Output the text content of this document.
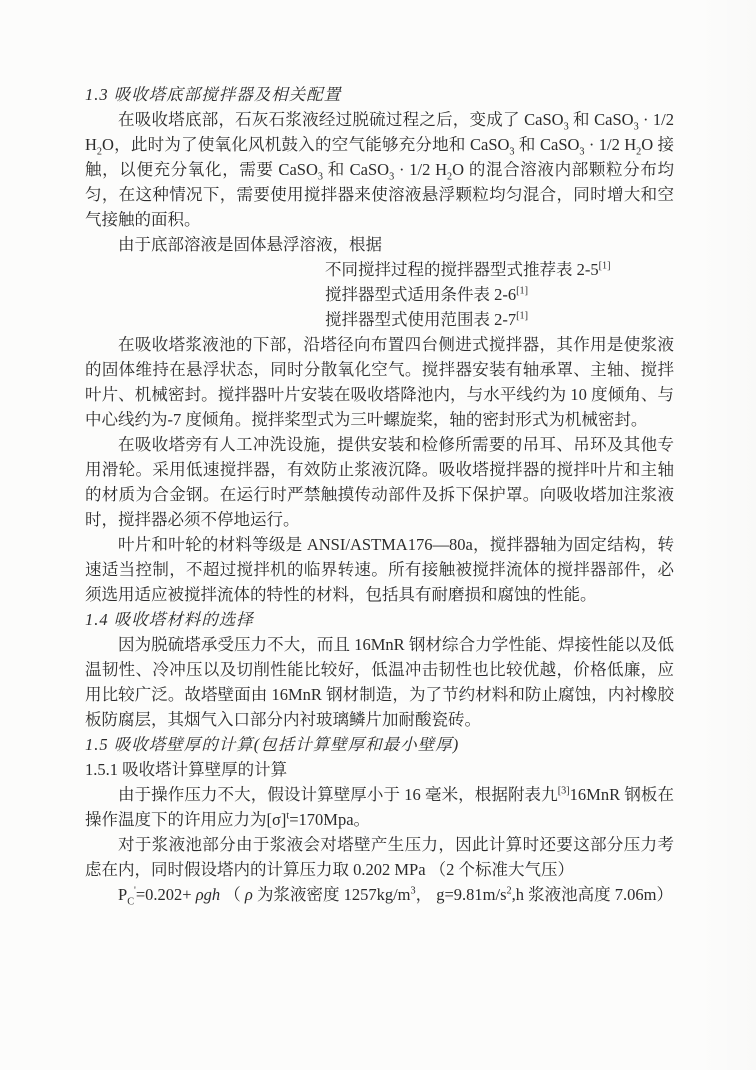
1.3 吸收塔底部搅拌器及相关配置

在吸收塔底部，石灰石浆液经过脱硫过程之后，变成了 CaSO$_3$ 和 CaSO$_3$ · 1/2 $H_2O$，此时为了使氧化风机鼓入的空气能够充分地和 CaSO$_3$ 和 CaSO$_3$ · 1/2 $H_2O$ 接触，以便充分氧化，需要 CaSO$_3$ 和 CaSO$_3$ · 1/2 $H_2O$ 的混合溶液内部颗粒分布均匀，在这种情况下，需要使用搅拌器来使溶液悬浮颗粒均匀混合，同时增大和空气接触的面积。

由于底部溶液是固体悬浮溶液，根据

不同搅拌过程的搅拌器型式推荐表 2-5[1]

搅拌器型式适用条件表 2-6[1]

搅拌器型式使用范围表 2-7[1]

在吸收塔浆液池的下部，沿塔径向布置四台侧进式搅拌器，其作用是使浆液的固体维持在悬浮状态，同时分散氧化空气。搅拌器安装有轴承罩、主轴、搅拌叶片、机械密封。搅拌器叶片安装在吸收塔降池内，与水平线约为 10 度倾角、与中心线约为-7 度倾角。搅拌桨型式为三叶螺旋桨，轴的密封形式为机械密封。

在吸收塔旁有人工冲洗设施，提供安装和检修所需要的吊耳、吊环及其他专用滑轮。采用低速搅拌器，有效防止浆液沉降。吸收塔搅拌器的搅拌叶片和主轴的材质为合金钢。在运行时严禁触摸传动部件及拆下保护罩。向吸收塔加注浆液时，搅拌器必须不停地运行。

叶片和叶轮的材料等级是 ANSI/ASTMA176—80a，搅拌器轴为固定结构，转速适当控制，不超过搅拌机的临界转速。所有接触被搅拌流体的搅拌器部件，必须选用适应被搅拌流体的特性的材料，包括具有耐磨损和腐蚀的性能。

1.4 吸收塔材料的选择

因为脱硫塔承受压力不大，而且 16MnR 钢材综合力学性能、焊接性能以及低温韧性、冷冲压以及切削性能比较好，低温冲击韧性也比较优越，价格低廉，应用比较广泛。故塔壁面由 16MnR 钢材制造，为了节约材料和防止腐蚀，内衬橡胶板防腐层，其烟气入口部分内衬玻璃鳞片加耐酸瓷砖。

1.5 吸收塔壁厚的计算(包括计算壁厚和最小壁厚)
1.5.1 吸收塔计算壁厚的计算

由于操作压力不大，假设计算壁厚小于 16 毫米，根据附表九[3]16MnR 钢板在操作温度下的许用应力为$[\sigma]^t=170Mpa$。

对于浆液池部分由于浆液会对塔壁产生压力，因此计算时还要这部分压力考虑在内，同时假设塔内的计算压力取 0.202 MPa （2 个标准大气压）

$P_C'=0.202+ \rho gh$ （ ρ 为浆液密度 $1257kg/m^3$， $g=9.81m/s^2,h$ 浆液池高度 7.06m）
